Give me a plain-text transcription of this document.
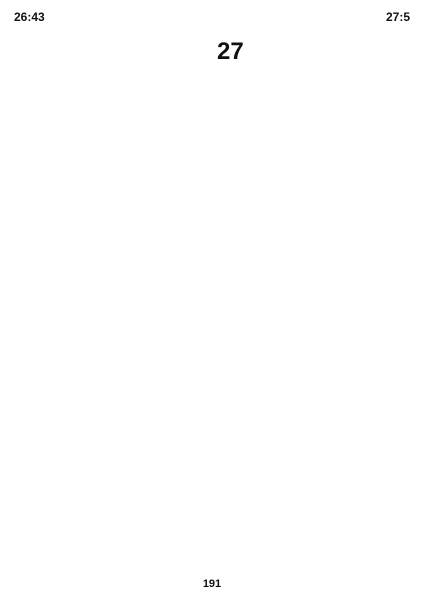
26:43	27:5

27

191
